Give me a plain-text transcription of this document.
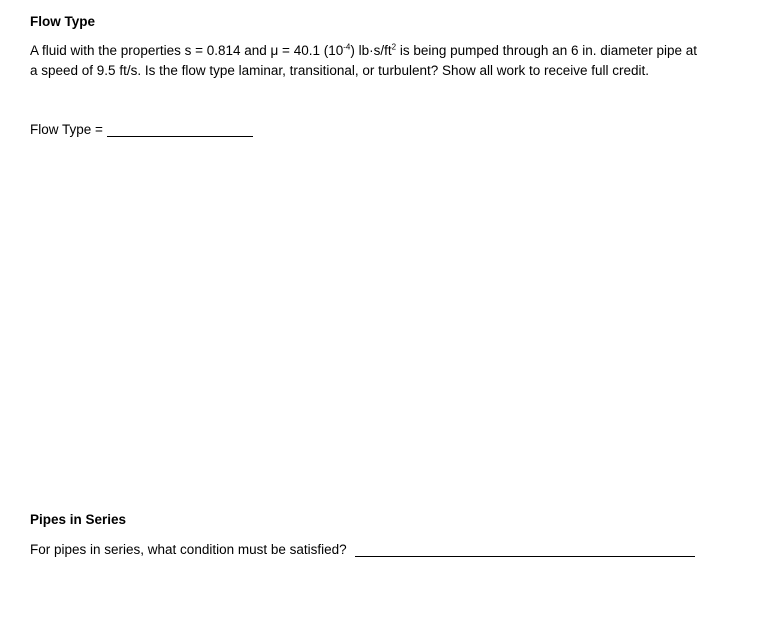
Flow Type
A fluid with the properties s = 0.814 and μ = 40.1 $(10^{-4})$ $lb\cdot s/ft^2$ is being pumped through an 6 in. diameter pipe at
a speed of 9.5 ft/s. Is the flow type laminar, transitional, or turbulent? Show all work to receive full credit.
Flow Type =
Pipes in Series
For pipes in series, what condition must be satisfied?
